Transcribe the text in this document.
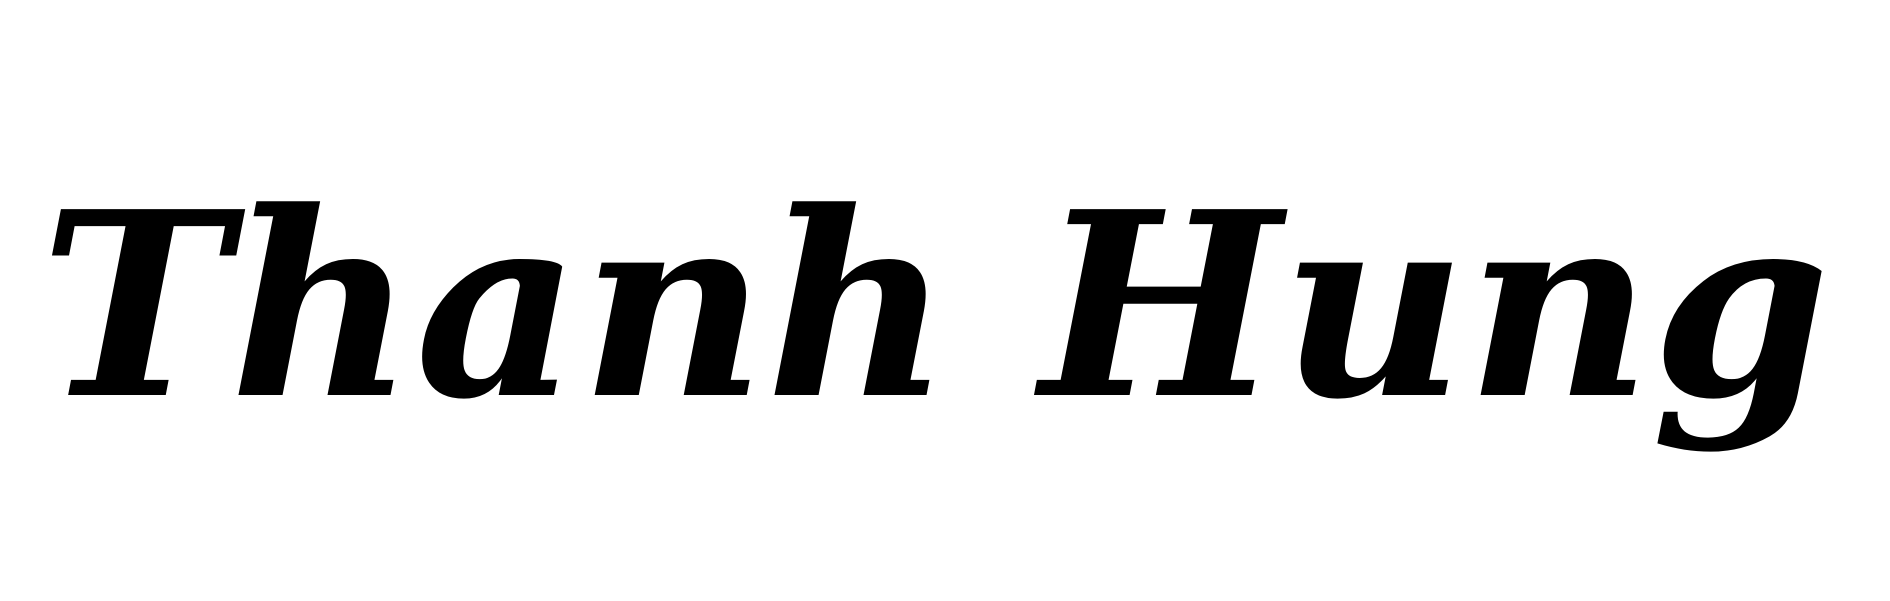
Thanh Hung
